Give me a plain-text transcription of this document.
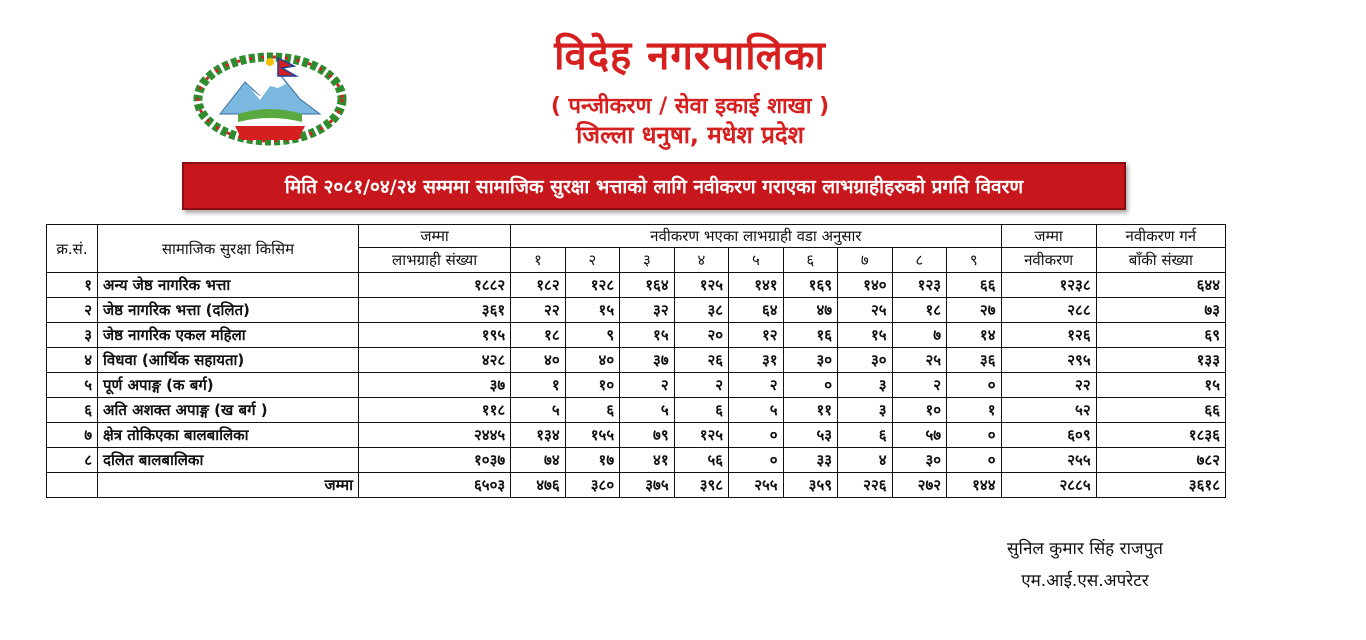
विदेह नगरपालिका
( पन्जीकरण / सेवा इकाई शाखा )
जिल्ला धनुषा, मधेश प्रदेश
मिति २०८१/०४/२४ सम्ममा सामाजिक सुरक्षा भत्ताको लागि नवीकरण गराएका लाभग्राहीहरुको प्रगति विवरण
क्र.सं.	सामाजिक सुरक्षा किसिम	जम्मा	नवीकरण भएका लाभग्राही वडा अनुसार									जम्मा	नवीकरण गर्न
		लाभग्राही संख्या	१	२	३	४	५	६	७	८	९	नवीकरण	बाँकी संख्या
१	अन्य जेष्ठ नागरिक भत्ता	१८८२	१८२	१२८	१६४	१२५	१४१	१६९	१४०	१२३	६६	१२३८	६४४
२	जेष्ठ नागरिक भत्ता (दलित)	३६१	२२	१५	३२	३८	६४	४७	२५	१८	२७	२८८	७३
३	जेष्ठ नागरिक एकल महिला	१९५	१८	९	१५	२०	१२	१६	१५	७	१४	१२६	६९
४	विधवा (आर्थिक सहायता)	४२८	४०	४०	३७	२६	३१	३०	३०	२५	३६	२९५	१३३
५	पूर्ण अपाङ्ग (क बर्ग)	३७	१	१०	२	२	२	०	३	२	०	२२	१५
६	अति अशक्त अपाङ्ग (ख बर्ग )	११८	५	६	५	६	५	११	३	१०	१	५२	६६
७	क्षेत्र तोकिएका बालबालिका	२४४५	१३४	१५५	७९	१२५	०	५३	६	५७	०	६०९	१८३६
८	दलित बालबालिका	१०३७	७४	१७	४१	५६	०	३३	४	३०	०	२५५	७८२
	जम्मा	६५०३	४७६	३८०	३७५	३९८	२५५	३५९	२२६	२७२	१४४	२८८५	३६१८
सुनिल कुमार सिंह राजपुत
एम.आई.एस.अपरेटर
